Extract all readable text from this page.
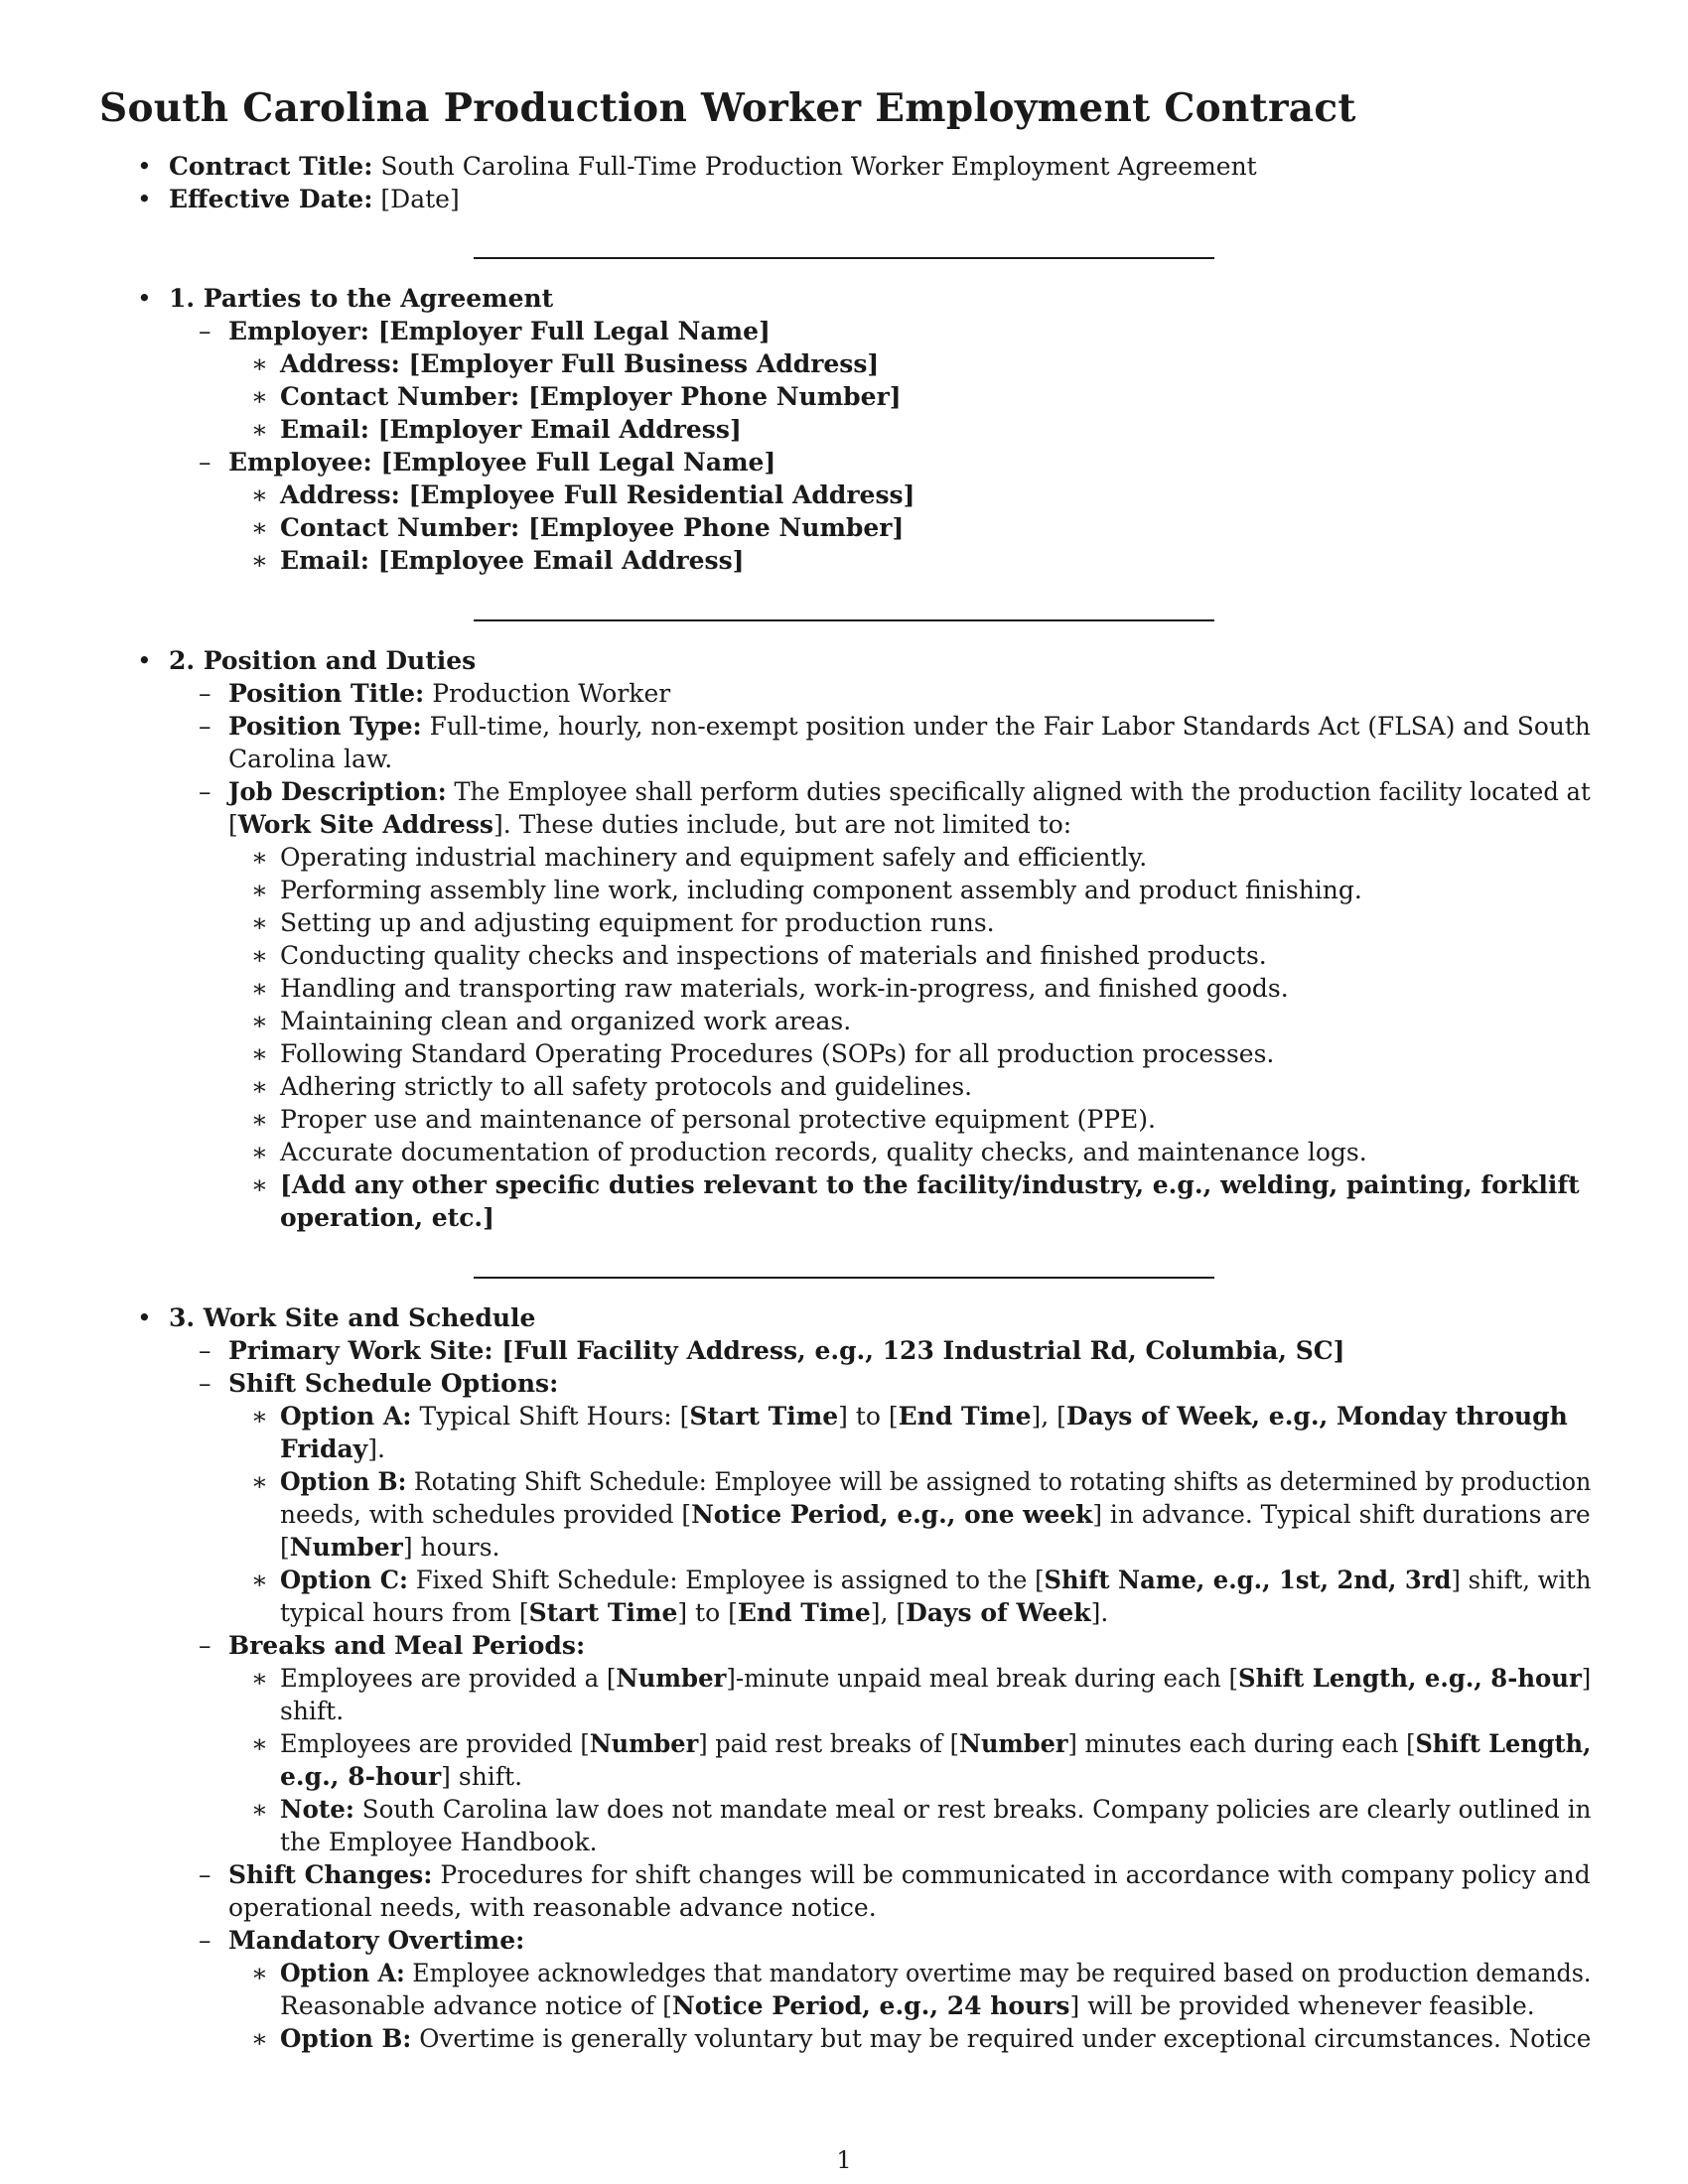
South Carolina Production Worker Employment Contract
• Contract Title: South Carolina Full-Time Production Worker Employment Agreement
• Effective Date: [Date]
• 1. Parties to the Agreement
– Employer: [Employer Full Legal Name]
∗ Address: [Employer Full Business Address]
∗ Contact Number: [Employer Phone Number]
∗ Email: [Employer Email Address]
– Employee: [Employee Full Legal Name]
∗ Address: [Employee Full Residential Address]
∗ Contact Number: [Employee Phone Number]
∗ Email: [Employee Email Address]
• 2. Position and Duties
– Position Title: Production Worker
– Position Type: Full-time, hourly, non-exempt position under the Fair Labor Standards Act (FLSA) and South
Carolina law.
– Job Description: The Employee shall perform duties specifically aligned with the production facility located at
[Work Site Address]. These duties include, but are not limited to:
∗ Operating industrial machinery and equipment safely and efficiently.
∗ Performing assembly line work, including component assembly and product finishing.
∗ Setting up and adjusting equipment for production runs.
∗ Conducting quality checks and inspections of materials and finished products.
∗ Handling and transporting raw materials, work-in-progress, and finished goods.
∗ Maintaining clean and organized work areas.
∗ Following Standard Operating Procedures (SOPs) for all production processes.
∗ Adhering strictly to all safety protocols and guidelines.
∗ Proper use and maintenance of personal protective equipment (PPE).
∗ Accurate documentation of production records, quality checks, and maintenance logs.
∗ [Add any other specific duties relevant to the facility/industry, e.g., welding, painting, forklift
operation, etc.]
• 3. Work Site and Schedule
– Primary Work Site: [Full Facility Address, e.g., 123 Industrial Rd, Columbia, SC]
– Shift Schedule Options:
∗ Option A: Typical Shift Hours: [Start Time] to [End Time], [Days of Week, e.g., Monday through
Friday].
∗ Option B: Rotating Shift Schedule: Employee will be assigned to rotating shifts as determined by production
needs, with schedules provided [Notice Period, e.g., one week] in advance. Typical shift durations are
[Number] hours.
∗ Option C: Fixed Shift Schedule: Employee is assigned to the [Shift Name, e.g., 1st, 2nd, 3rd] shift, with
typical hours from [Start Time] to [End Time], [Days of Week].
– Breaks and Meal Periods:
∗ Employees are provided a [Number]-minute unpaid meal break during each [Shift Length, e.g., 8-hour]
shift.
∗ Employees are provided [Number] paid rest breaks of [Number] minutes each during each [Shift Length,
e.g., 8-hour] shift.
∗ Note: South Carolina law does not mandate meal or rest breaks. Company policies are clearly outlined in
the Employee Handbook.
– Shift Changes: Procedures for shift changes will be communicated in accordance with company policy and
operational needs, with reasonable advance notice.
– Mandatory Overtime:
∗ Option A: Employee acknowledges that mandatory overtime may be required based on production demands.
Reasonable advance notice of [Notice Period, e.g., 24 hours] will be provided whenever feasible.
∗ Option B: Overtime is generally voluntary but may be required under exceptional circumstances. Notice
1
